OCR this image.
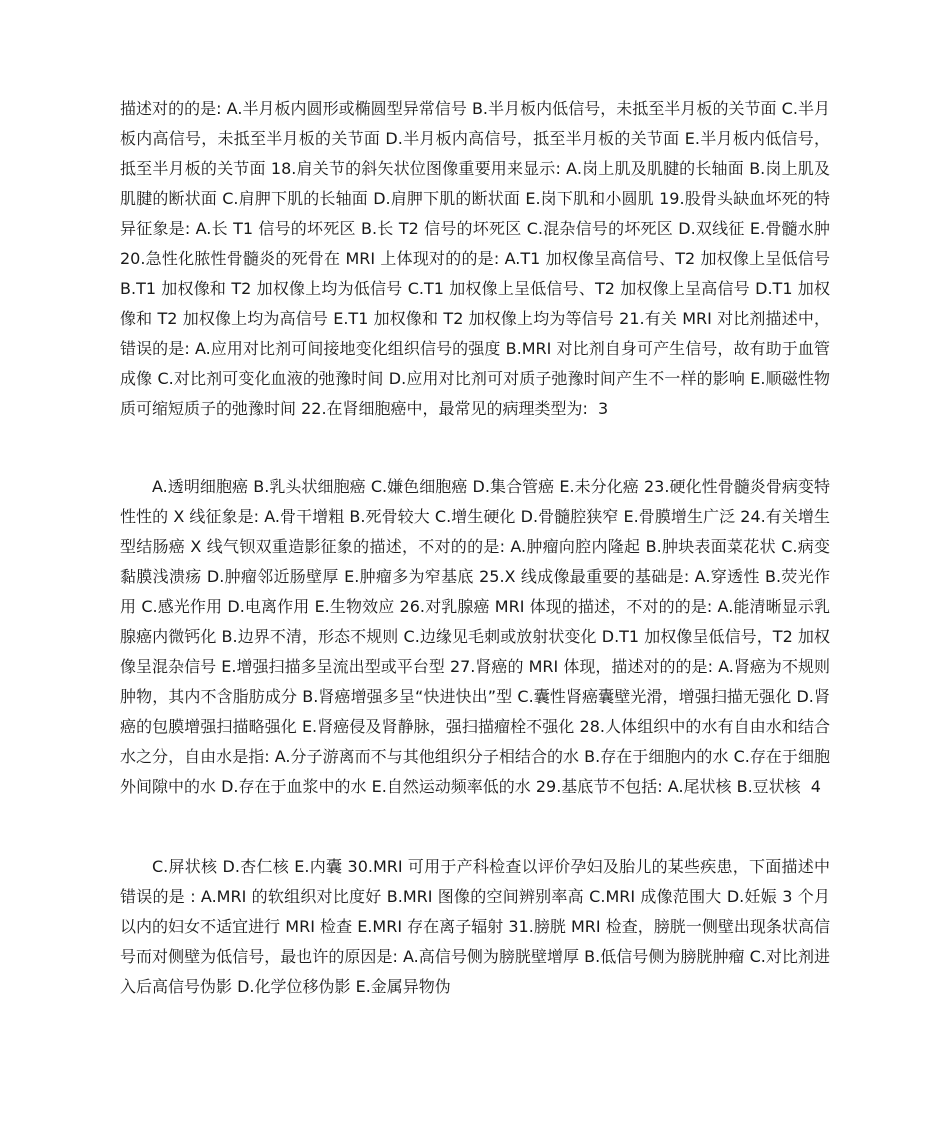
描述对的的是: A.半月板内圆形或椭圆型异常信号 B.半月板内低信号，未抵至半月板的关节面 C.半月板内高信号，未抵至半月板的关节面 D.半月板内高信号，抵至半月板的关节面 E.半月板内低信号，抵至半月板的关节面 18.肩关节的斜矢状位图像重要用来显示: A.岗上肌及肌腱的长轴面 B.岗上肌及肌腱的断状面 C.肩胛下肌的长轴面 D.肩胛下肌的断状面 E.岗下肌和小圆肌 19.股骨头缺血坏死的特异征象是: A.长 T1 信号的坏死区 B.长 T2 信号的坏死区 C.混杂信号的坏死区 D.双线征 E.骨髓水肿 20.急性化脓性骨髓炎的死骨在 MRI 上体现对的的是: A.T1 加权像呈高信号、T2 加权像上呈低信号 B.T1 加权像和 T2 加权像上均为低信号 C.T1 加权像上呈低信号、T2 加权像上呈高信号 D.T1 加权像和 T2 加权像上均为高信号 E.T1 加权像和 T2 加权像上均为等信号 21.有关 MRI 对比剂描述中，错误的是: A.应用对比剂可间接地变化组织信号的强度 B.MRI 对比剂自身可产生信号，故有助于血管成像 C.对比剂可变化血液的弛豫时间 D.应用对比剂可对质子弛豫时间产生不一样的影响 E.顺磁性物质可缩短质子的弛豫时间 22.在肾细胞癌中，最常见的病理类型为: 3

A.透明细胞癌 B.乳头状细胞癌 C.嫌色细胞癌 D.集合管癌 E.未分化癌 23.硬化性骨髓炎骨病变特性性的 X 线征象是: A.骨干增粗 B.死骨较大 C.增生硬化 D.骨髓腔狭窄 E.骨膜增生广泛 24.有关增生型结肠癌 X 线气钡双重造影征象的描述，不对的的是: A.肿瘤向腔内隆起 B.肿块表面菜花状 C.病变黏膜浅溃疡 D.肿瘤邻近肠壁厚 E.肿瘤多为窄基底 25.X 线成像最重要的基础是: A.穿透性 B.荧光作用 C.感光作用 D.电离作用 E.生物效应 26.对乳腺癌 MRI 体现的描述，不对的的是: A.能清晰显示乳腺癌内微钙化 B.边界不清，形态不规则 C.边缘见毛刺或放射状变化 D.T1 加权像呈低信号，T2 加权像呈混杂信号 E.增强扫描多呈流出型或平台型 27.肾癌的 MRI 体现，描述对的的是: A.肾癌为不规则肿物，其内不含脂肪成分 B.肾癌增强多呈“快进快出”型 C.囊性肾癌囊壁光滑，增强扫描无强化 D.肾癌的包膜增强扫描略强化 E.肾癌侵及肾静脉，强扫描瘤栓不强化 28.人体组织中的水有自由水和结合水之分，自由水是指: A.分子游离而不与其他组织分子相结合的水 B.存在于细胞内的水 C.存在于细胞外间隙中的水 D.存在于血浆中的水 E.自然运动频率低的水 29.基底节不包括: A.尾状核 B.豆状核 4

C.屏状核 D.杏仁核 E.内囊 30.MRI 可用于产科检查以评价孕妇及胎儿的某些疾患，下面描述中错误的是 : A.MRI 的软组织对比度好 B.MRI 图像的空间辨别率高 C.MRI 成像范围大 D.妊娠 3 个月以内的妇女不适宜进行 MRI 检查 E.MRI 存在离子辐射 31.膀胱 MRI 检查，膀胱一侧壁出现条状高信号而对侧壁为低信号，最也许的原因是: A.高信号侧为膀胱壁增厚 B.低信号侧为膀胱肿瘤 C.对比剂进入后高信号伪影 D.化学位移伪影 E.金属异物伪
